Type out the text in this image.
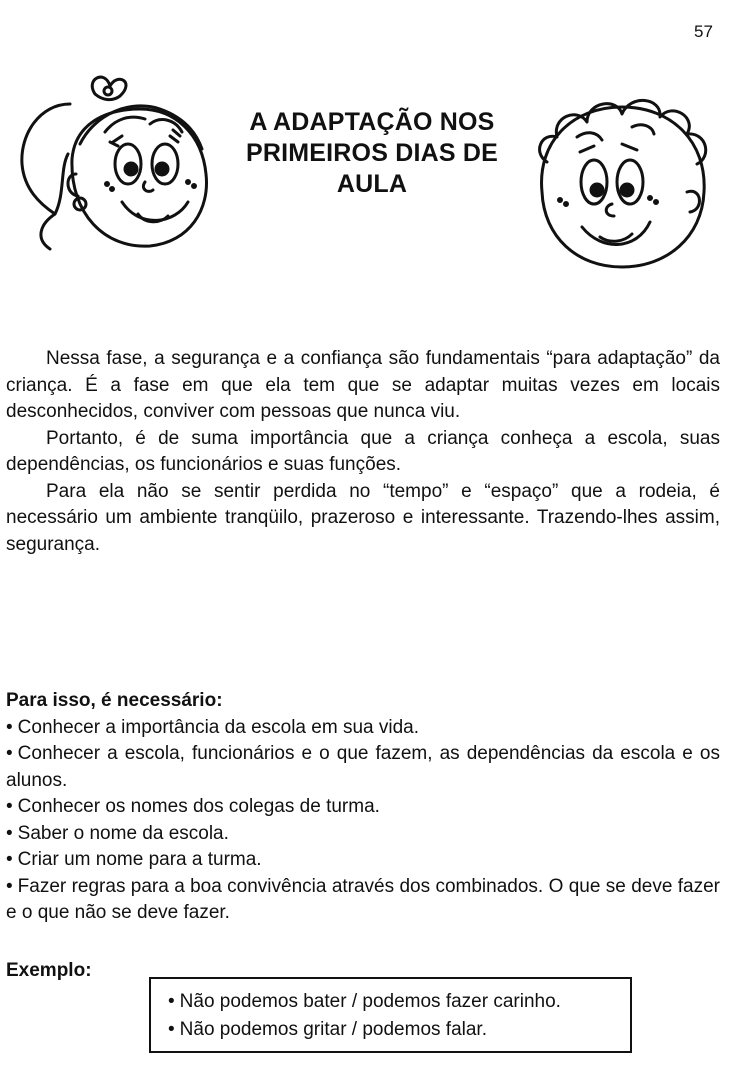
57
A ADAPTAÇÃO NOS
PRIMEIROS DIAS DE
AULA

Nessa fase, a segurança e a confiança são fundamentais “para adaptação” da criança. É a fase em que ela tem que se adaptar muitas vezes em locais desconhecidos, conviver com pessoas que nunca viu.

Portanto, é de suma importância que a criança conheça a escola, suas dependências, os funcionários e suas funções.

Para ela não se sentir perdida no “tempo” e “espaço” que a rodeia, é necessário um ambiente tranqüilo, prazeroso e interessante. Trazendo-lhes assim, segurança.

Para isso, é necessário:

• Conhecer a importância da escola em sua vida.
• Conhecer a escola, funcionários e o que fazem, as dependências da escola e os alunos.
• Conhecer os nomes dos colegas de turma.
• Saber o nome da escola.
• Criar um nome para a turma.
• Fazer regras para a boa convivência através dos combinados. O que se deve fazer e o que não se deve fazer.
Exemplo:
• Não podemos bater / podemos fazer carinho.
• Não podemos gritar / podemos falar.
